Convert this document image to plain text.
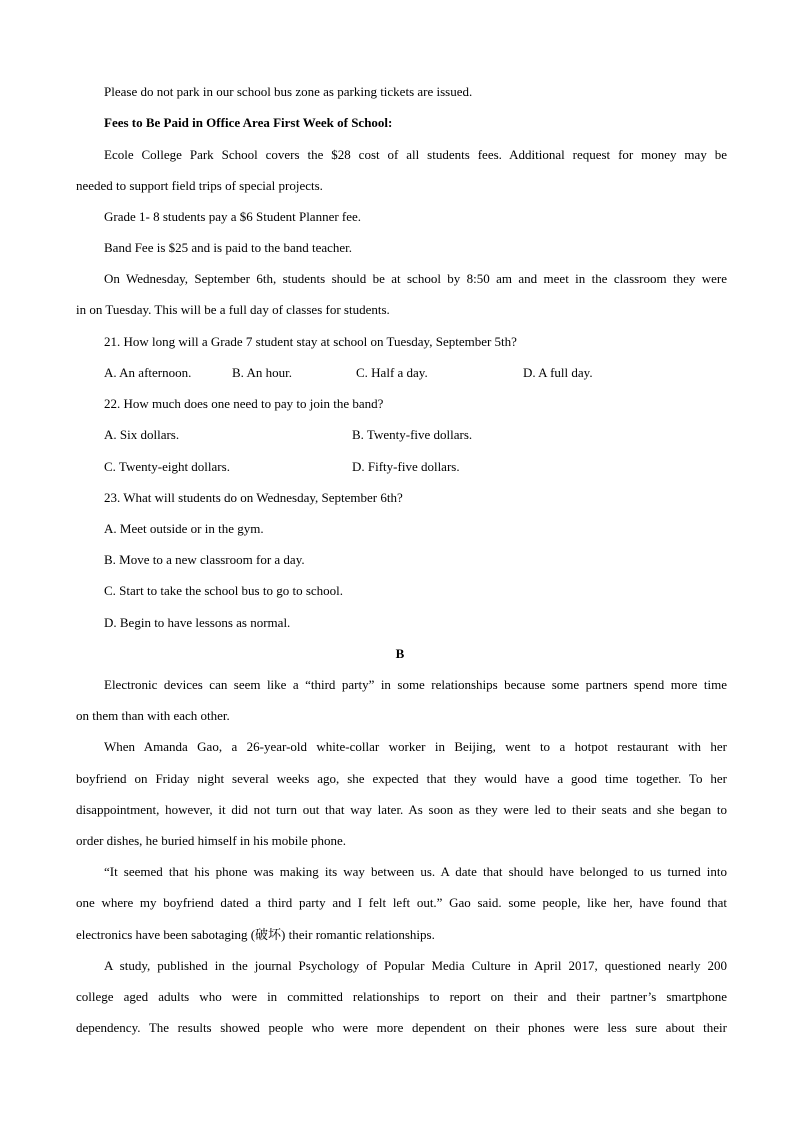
Please do not park in our school bus zone as parking tickets are issued.
Fees to Be Paid in Office Area First Week of School:
Ecole College Park School covers the $28 cost of all students fees. Additional request for money may be
needed to support field trips of special projects.
Grade 1- 8 students pay a $6 Student Planner fee.
Band Fee is $25 and is paid to the band teacher.
On Wednesday, September 6th, students should be at school by 8:50 am and meet in the classroom they were
in on Tuesday. This will be a full day of classes for students.
21. How long will a Grade 7 student stay at school on Tuesday, September 5th?
A. An afternoon.	B. An hour.	C. Half a day.	D. A full day.
22. How much does one need to pay to join the band?
A. Six dollars.	B. Twenty-five dollars.
C. Twenty-eight dollars.	D. Fifty-five dollars.
23. What will students do on Wednesday, September 6th?
A. Meet outside or in the gym.
B. Move to a new classroom for a day.
C. Start to take the school bus to go to school.
D. Begin to have lessons as normal.
B
Electronic devices can seem like a “third party” in some relationships because some partners spend more time
on them than with each other.
When Amanda Gao, a 26-year-old white-collar worker in Beijing, went to a hotpot restaurant with her
boyfriend on Friday night several weeks ago, she expected that they would have a good time together. To her
disappointment, however, it did not turn out that way later. As soon as they were led to their seats and she began to
order dishes, he buried himself in his mobile phone.
“It seemed that his phone was making its way between us. A date that should have belonged to us turned into
one where my boyfriend dated a third party and I felt left out.” Gao said. some people, like her, have found that
electronics have been sabotaging (破坏) their romantic relationships.
A study, published in the journal Psychology of Popular Media Culture in April 2017, questioned nearly 200
college aged adults who were in committed relationships to report on their and their partner’s smartphone
dependency. The results showed people who were more dependent on their phones were less sure about their
